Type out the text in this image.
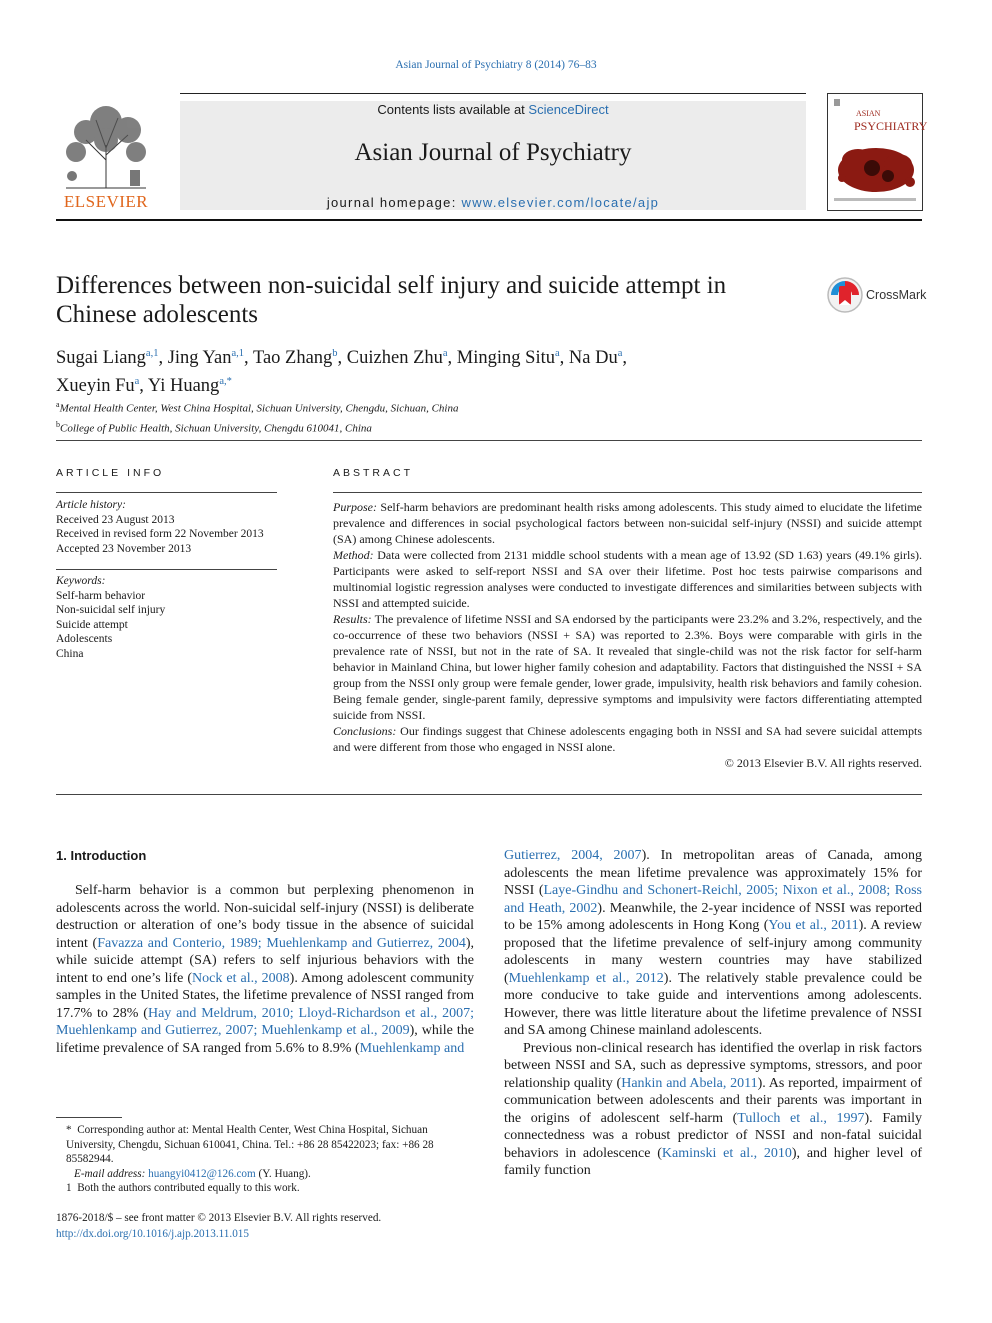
Asian Journal of Psychiatry 8 (2014) 76–83
ELSEVIER
Contents lists available at ScienceDirect
Asian Journal of Psychiatry
journal homepage: www.elsevier.com/locate/ajp
ASIAN
PSYCHIATRY
Differences between non-suicidal self injury and suicide attempt in Chinese adolescents
CrossMark
Sugai Liang$^{a,1}$, Jing Yan$^{a,1}$, Tao Zhang$^b$, Cuizhen Zhu$^a$, Minging Situ$^a$, Na Du$^a$,
Xueyin Fu$^a$, Yi Huang$^{a,*}$
$^a$Mental Health Center, West China Hospital, Sichuan University, Chengdu, Sichuan, China
$^b$College of Public Health, Sichuan University, Chengdu 610041, China
ARTICLE INFO
Article history:
Received 23 August 2013
Received in revised form 22 November 2013
Accepted 23 November 2013
Keywords:
Self-harm behavior
Non-suicidal self injury
Suicide attempt
Adolescents
China
ABSTRACT

Purpose: Self-harm behaviors are predominant health risks among adolescents. This study aimed to elucidate the lifetime prevalence and differences in social psychological factors between non-suicidal self-injury (NSSI) and suicide attempt (SA) among Chinese adolescents.

Method: Data were collected from 2131 middle school students with a mean age of 13.92 (SD 1.63) years (49.1% girls). Participants were asked to self-report NSSI and SA over their lifetime. Post hoc tests pairwise comparisons and multinomial logistic regression analyses were conducted to investigate differences and similarities between subjects with NSSI and attempted suicide.

Results: The prevalence of lifetime NSSI and SA endorsed by the participants were 23.2% and 3.2%, respectively, and the co-occurrence of these two behaviors (NSSI + SA) was reported to 2.3%. Boys were comparable with girls in the prevalence rate of NSSI, but not in the rate of SA. It revealed that single-child was not the risk factor for self-harm behavior in Mainland China, but lower higher family cohesion and adaptability. Factors that distinguished the NSSI + SA group from the NSSI only group were female gender, lower grade, impulsivity, health risk behaviors and family cohesion. Being female gender, single-parent family, depressive symptoms and impulsivity were factors differentiating attempted suicide from NSSI.

Conclusions: Our findings suggest that Chinese adolescents engaging both in NSSI and SA had severe suicidal attempts and were different from those who engaged in NSSI alone.

© 2013 Elsevier B.V. All rights reserved.

1. Introduction

Self-harm behavior is a common but perplexing phenomenon in adolescents across the world. Non-suicidal self-injury (NSSI) is deliberate destruction or alteration of one’s body tissue in the absence of suicidal intent (Favazza and Conterio, 1989; Muehlenkamp and Gutierrez, 2004), while suicide attempt (SA) refers to self injurious behaviors with the intent to end one’s life (Nock et al., 2008). Among adolescent community samples in the United States, the lifetime prevalence of NSSI ranged from 17.7% to 28% (Hay and Meldrum, 2010; Lloyd-Richardson et al., 2007; Muehlenkamp and Gutierrez, 2007; Muehlenkamp et al., 2009), while the lifetime prevalence of SA ranged from 5.6% to 8.9% (Muehlenkamp and

Gutierrez, 2004, 2007). In metropolitan areas of Canada, among adolescents the mean lifetime prevalence was approximately 15% for NSSI (Laye-Gindhu and Schonert-Reichl, 2005; Nixon et al., 2008; Ross and Heath, 2002). Meanwhile, the 2-year incidence of NSSI was reported to be 15% among adolescents in Hong Kong (You et al., 2011). A review proposed that the lifetime prevalence of self-injury among community adolescents in many western countries may have stabilized (Muehlenkamp et al., 2012). The relatively stable prevalence could be more conducive to take guide and interventions among adolescents. However, there was little literature about the lifetime prevalence of NSSI and SA among Chinese mainland adolescents.

Previous non-clinical research has identified the overlap in risk factors between NSSI and SA, such as depressive symptoms, stressors, and poor relationship quality (Hankin and Abela, 2011). As reported, impairment of communication between adolescents and their parents was important in the origins of adolescent self-harm (Tulloch et al., 1997). Family connectedness was a robust predictor of NSSI and non-fatal suicidal behaviors in adolescence (Kaminski et al., 2010), and higher level of family function

* Corresponding author at: Mental Health Center, West China Hospital, Sichuan University, Chengdu, Sichuan 610041, China. Tel.: +86 28 85422023; fax: +86 28 85582944.

E-mail address: huangyi0412@126.com (Y. Huang).

1 Both the authors contributed equally to this work.

1876-2018/$ – see front matter © 2013 Elsevier B.V. All rights reserved.
http://dx.doi.org/10.1016/j.ajp.2013.11.015
